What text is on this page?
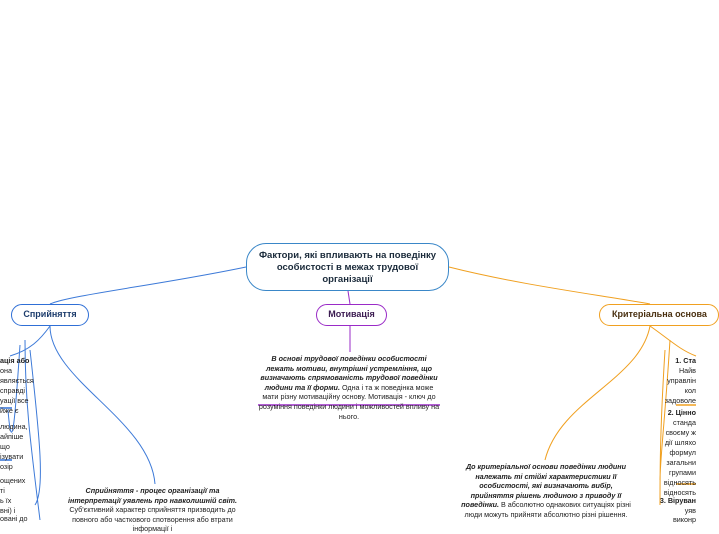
Фактори, які впливають на поведінку особистості в межах трудової організації
Сприйняття	Мотивація	Критеріальна основа
В основі трудової поведінки особистості лежать мотиви, внутрішні устремління, що визначають спрямованість трудової поведінки людини та її форми. Одна і та ж поведінка може мати різну мотиваційну основу. Мотивація - ключ до розуміння поведінки людини і можливостей впливу на нього.
Сприйняття - процес організації та інтерпретації уявлень про навколишній світ. Суб'єктивний характер сприйняття призводить до повного або часткового спотворення або втрати інформації і
До критеріальної основи поведінки людини належать ті стійкі характеристики її особистості, які визначають вибір, прийняття рішень людиною з приводу її поведінки. В абсолютно однакових ситуаціях різні люди можуть прийняти абсолютно різні рішення.
ація або
она
являється
справді
уації все
йже є
людина,
айпіше
що
ізувати
озір
ощених
ті
ь їх
вні) і
овані до
1. Ста
Найв
управлін
кол
задоволе
2. Цінно
станда
своєму ж
дії шляхо
формул
загальни
групами
відносять
відносять
3. Віруван
уяв
виконр
